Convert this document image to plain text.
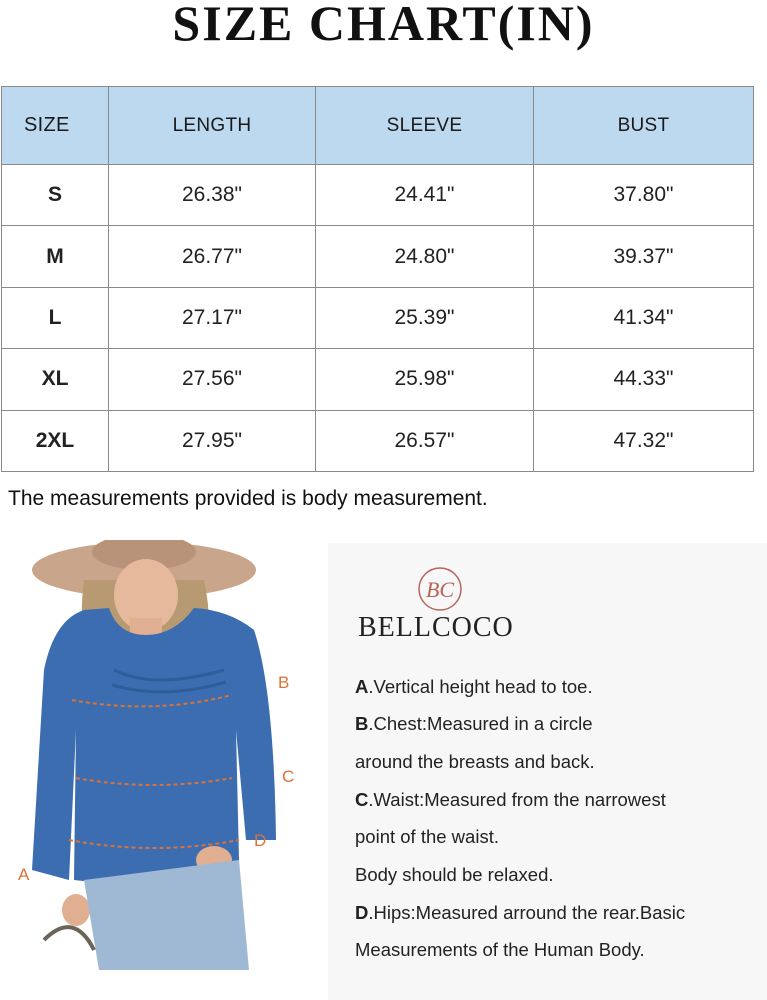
SIZE CHART(IN)
SIZE	LENGTH	SLEEVE	BUST
S	26.38"	24.41"	37.80"
M	26.77"	24.80"	39.37"
L	27.17"	25.39"	41.34"
XL	27.56"	25.98"	44.33"
2XL	27.95"	26.57"	47.32"
The measurements provided is body measurement.
B
C
D
A
BC
BELLCOCO
A.Vertical height head to toe.
B.Chest:Measured in a circle
around the breasts and back.
C.Waist:Measured from the narrowest
point of the waist.
Body should be relaxed.
D.Hips:Measured arround the rear.Basic
Measurements of the Human Body.
